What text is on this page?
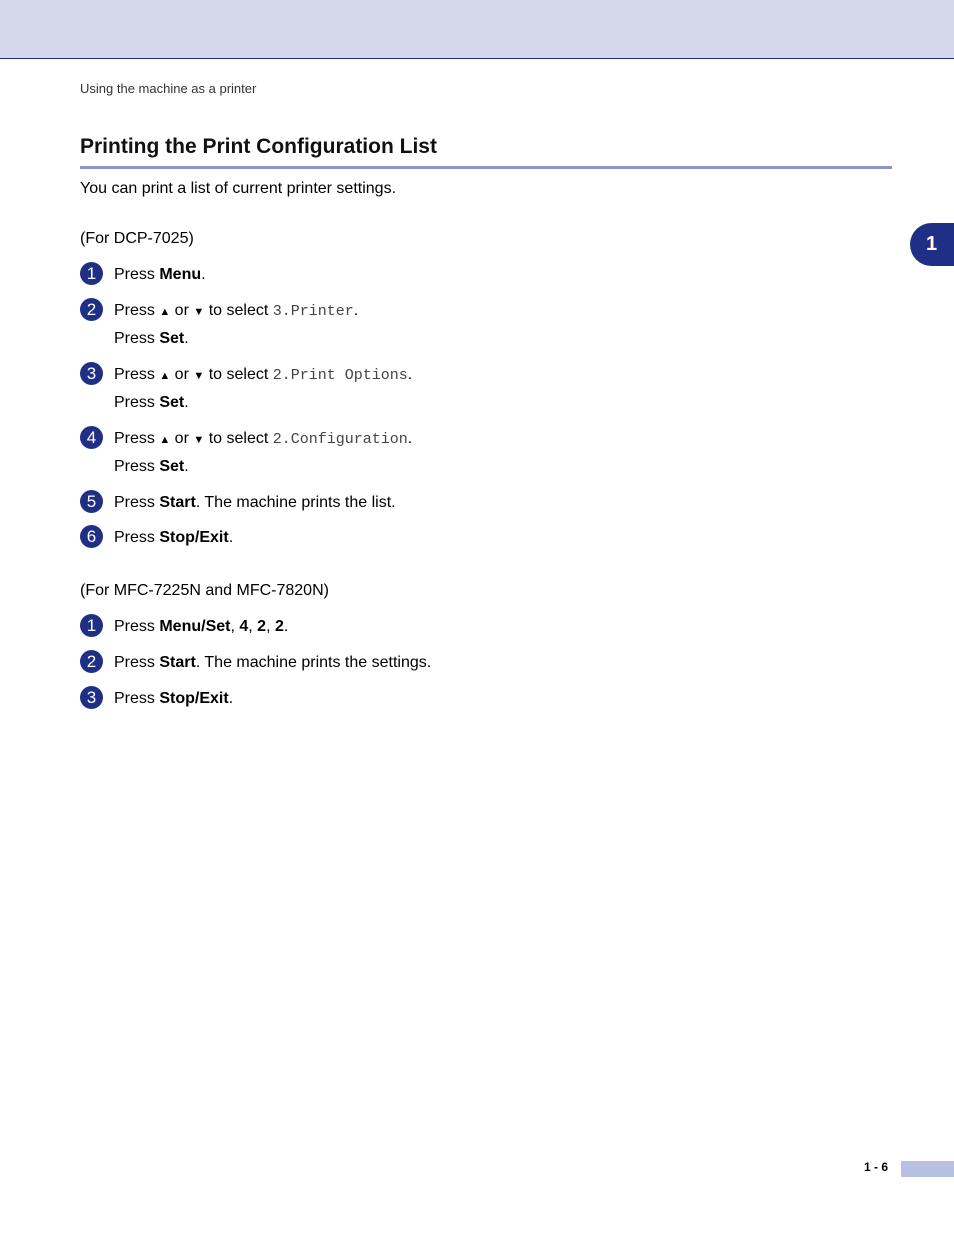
Using the machine as a printer
1
Printing the Print Configuration List
You can print a list of current printer settings.
(For DCP-7025)
1	Press Menu.
2	Press ▲ or ▼ to select 3.Printer.
Press Set.
3	Press ▲ or ▼ to select 2.Print Options.
Press Set.
4	Press ▲ or ▼ to select 2.Configuration.
Press Set.
5	Press Start. The machine prints the list.
6	Press Stop/Exit.
(For MFC-7225N and MFC-7820N)
1	Press Menu/Set, 4, 2, 2.
2	Press Start. The machine prints the settings.
3	Press Stop/Exit.
1 - 6
